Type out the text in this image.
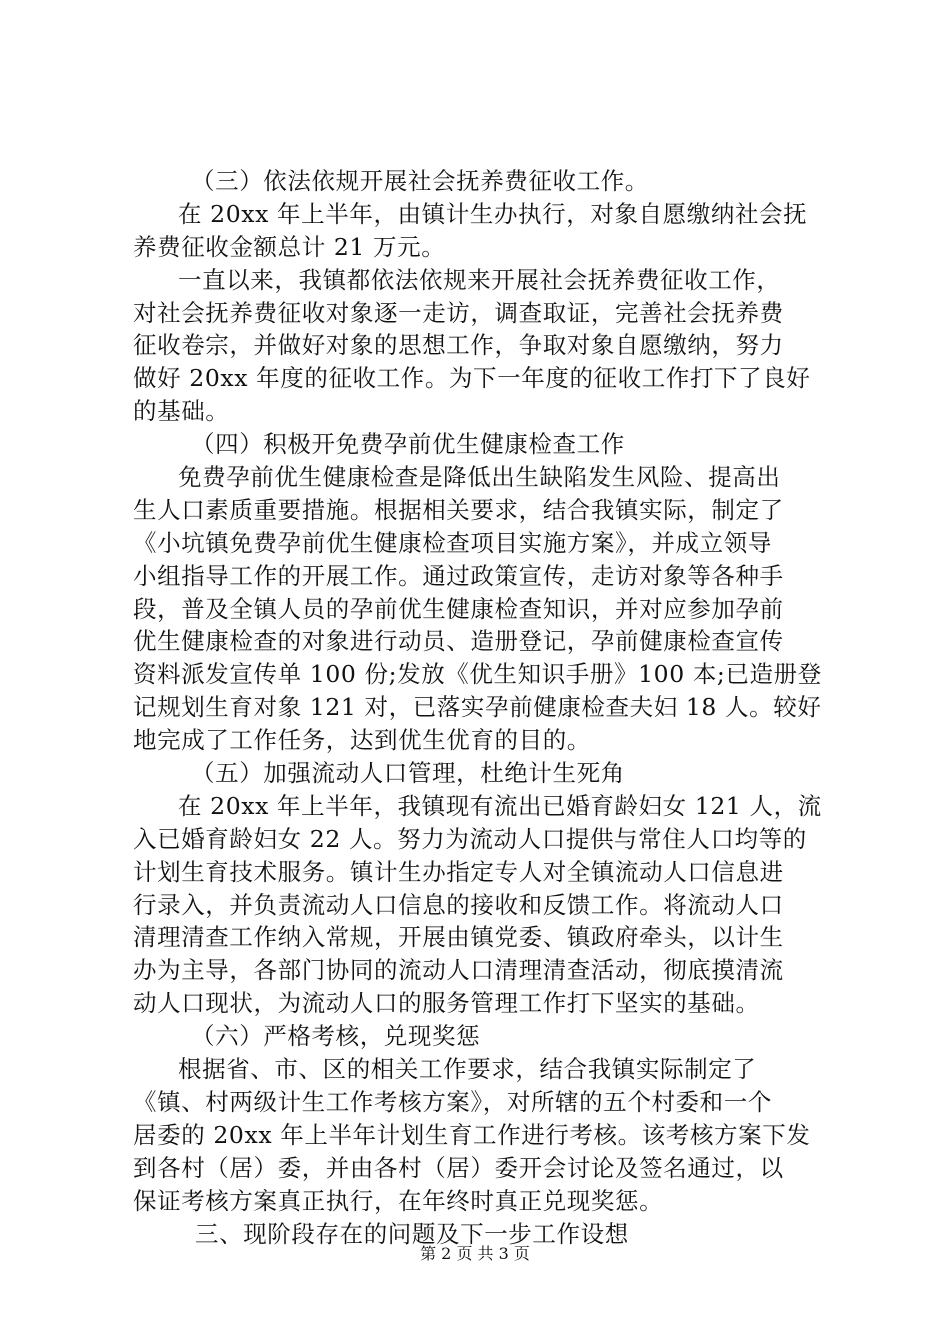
（三）依法依规开展社会抚养费征收工作。
在 20xx 年上半年，由镇计生办执行，对象自愿缴纳社会抚
养费征收金额总计 21 万元。
一直以来，我镇都依法依规来开展社会抚养费征收工作，
对社会抚养费征收对象逐一走访，调查取证，完善社会抚养费
征收卷宗，并做好对象的思想工作，争取对象自愿缴纳，努力
做好 20xx 年度的征收工作。为下一年度的征收工作打下了良好
的基础。
（四）积极开免费孕前优生健康检查工作
免费孕前优生健康检查是降低出生缺陷发生风险、提高出
生人口素质重要措施。根据相关要求，结合我镇实际，制定了
《小坑镇免费孕前优生健康检查项目实施方案》，并成立领导
小组指导工作的开展工作。通过政策宣传，走访对象等各种手
段，普及全镇人员的孕前优生健康检查知识，并对应参加孕前
优生健康检查的对象进行动员、造册登记，孕前健康检查宣传
资料派发宣传单 100 份;发放《优生知识手册》100 本;已造册登
记规划生育对象 121 对，已落实孕前健康检查夫妇 18 人。较好
地完成了工作任务，达到优生优育的目的。
（五）加强流动人口管理，杜绝计生死角
在 20xx 年上半年，我镇现有流出已婚育龄妇女 121 人，流
入已婚育龄妇女 22 人。努力为流动人口提供与常住人口均等的
计划生育技术服务。镇计生办指定专人对全镇流动人口信息进
行录入，并负责流动人口信息的接收和反馈工作。将流动人口
清理清查工作纳入常规，开展由镇党委、镇政府牵头，以计生
办为主导，各部门协同的流动人口清理清查活动，彻底摸清流
动人口现状，为流动人口的服务管理工作打下坚实的基础。
（六）严格考核，兑现奖惩
根据省、市、区的相关工作要求，结合我镇实际制定了
《镇、村两级计生工作考核方案》，对所辖的五个村委和一个
居委的 20xx 年上半年计划生育工作进行考核。该考核方案下发
到各村（居）委，并由各村（居）委开会讨论及签名通过，以
保证考核方案真正执行，在年终时真正兑现奖惩。
三、现阶段存在的问题及下一步工作设想
第 2 页 共 3 页
